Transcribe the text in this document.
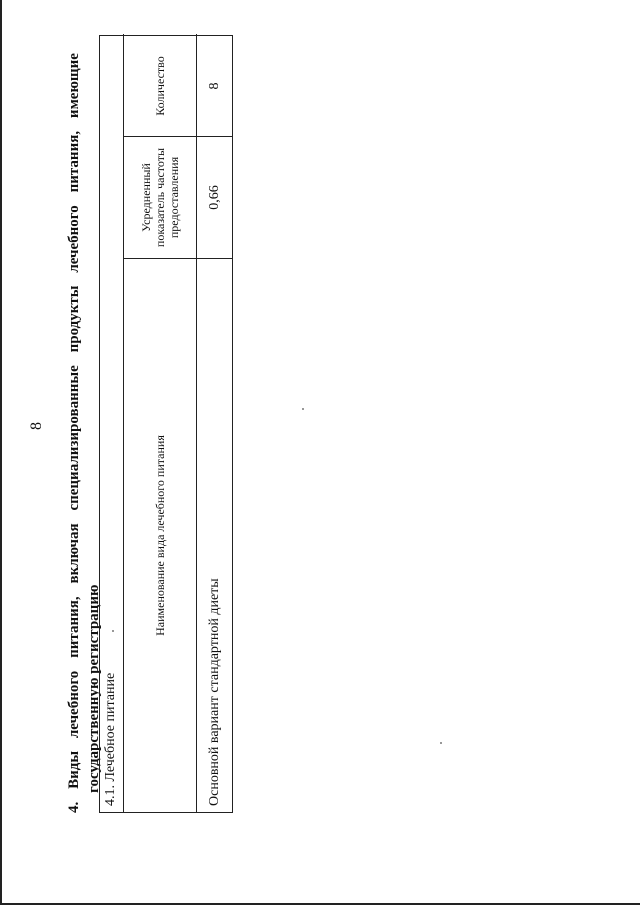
8
4.
Виды
лечебного
питания,
включая
специализированные
продукты
лечебного
питания,
имеющие
государственную регистрацию 4.1. Лечебное питание
Наименование вида лечебного питания
Усредненный показатель частоты предоставления
Количество
Основной вариант стандартной диеты
0,66
8
